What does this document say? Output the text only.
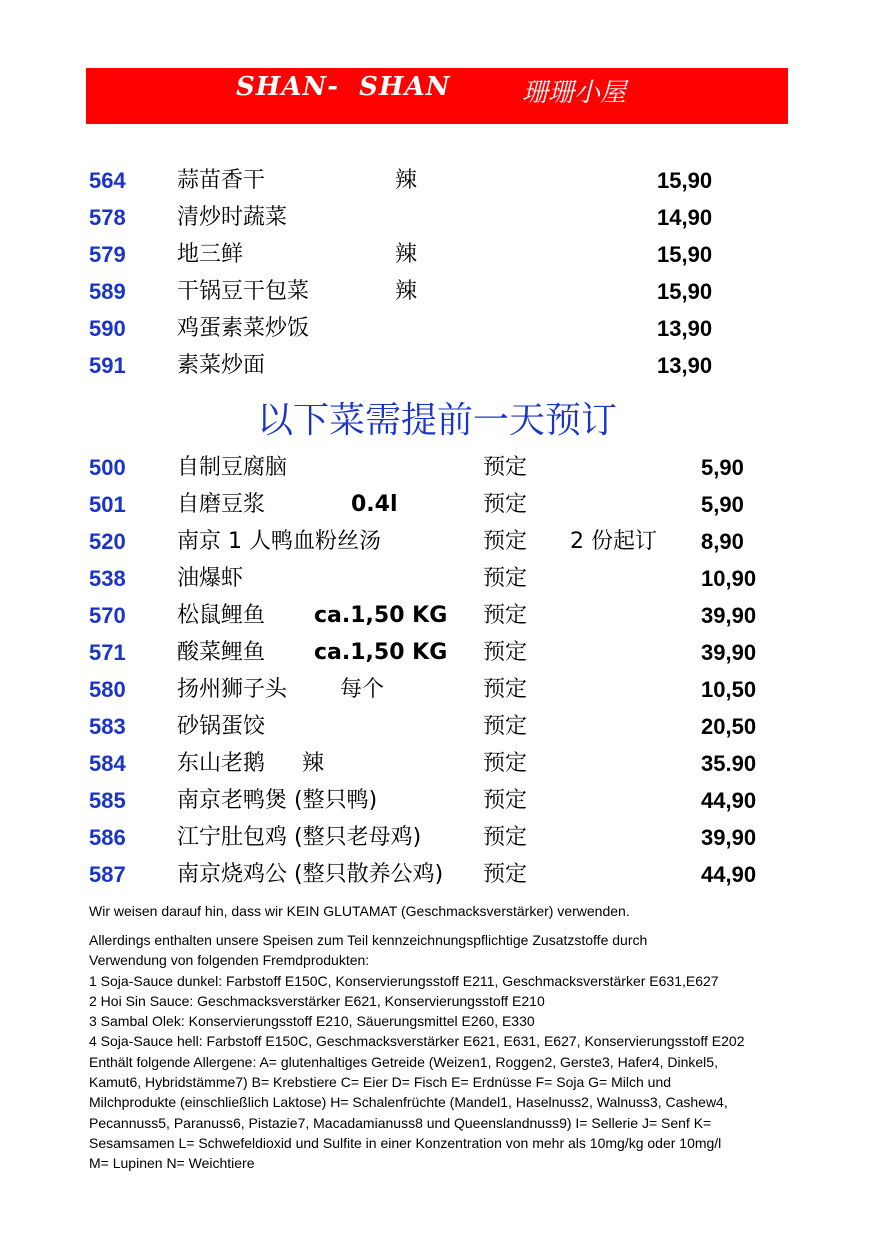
SHAN-  SHAN	珊珊小屋
564 蒜苗香干	辣	15,90
578 清炒时蔬菜	14,90
579 地三鲜	辣	15,90
589 干锅豆干包菜	辣	15,90
590 鸡蛋素菜炒饭	13,90
591 素菜炒面	13,90
以下菜需提前一天预订
500 自制豆腐脑	预定	5,90
501 自磨豆浆	0.4l	预定	5,90
520 南京 1 人鸭血粉丝汤	预定 2 份起订 8,90
538 油爆虾	预定	10,90
570 松鼠鲤鱼 ca.1,50 KG 预定	39,90
571 酸菜鲤鱼 ca.1,50 KG 预定	39,90
580 扬州狮子头 每个	预定	10,50
583 砂锅蛋饺	预定	20,50
584 东山老鹅 辣	预定	35.90
585 南京老鸭煲 (整只鸭)	预定	44,90
586 江宁肚包鸡 (整只老母鸡)	预定	39,90
587 南京烧鸡公 (整只散养公鸡) 预定	44,90
Wir weisen darauf hin, dass wir KEIN GLUTAMAT (Geschmacksverstärker) verwenden.
Allerdings enthalten unsere Speisen zum Teil kennzeichnungspflichtige Zusatzstoffe durch
Verwendung von folgenden Fremdprodukten:
1 Soja-Sauce dunkel: Farbstoff E150C, Konservierungsstoff E211, Geschmacksverstärker E631,E627
2 Hoi Sin Sauce: Geschmacksverstärker E621, Konservierungsstoff E210
3 Sambal Olek: Konservierungsstoff E210, Säuerungsmittel E260, E330
4 Soja-Sauce hell: Farbstoff E150C, Geschmacksverstärker E621, E631, E627, Konservierungsstoff E202
Enthält folgende Allergene: A= glutenhaltiges Getreide (Weizen1, Roggen2, Gerste3, Hafer4, Dinkel5,
Kamut6, Hybridstämme7) B= Krebstiere C= Eier D= Fisch E= Erdnüsse F= Soja G= Milch und
Milchprodukte (einschließlich Laktose) H= Schalenfrüchte (Mandel1, Haselnuss2, Walnuss3, Cashew4,
Pecannuss5, Paranuss6, Pistazie7, Macadamianuss8 und Queenslandnuss9) I= Sellerie J= Senf K=
Sesamsamen L= Schwefeldioxid und Sulfite in einer Konzentration von mehr als 10mg/kg oder 10mg/l
M= Lupinen N= Weichtiere
